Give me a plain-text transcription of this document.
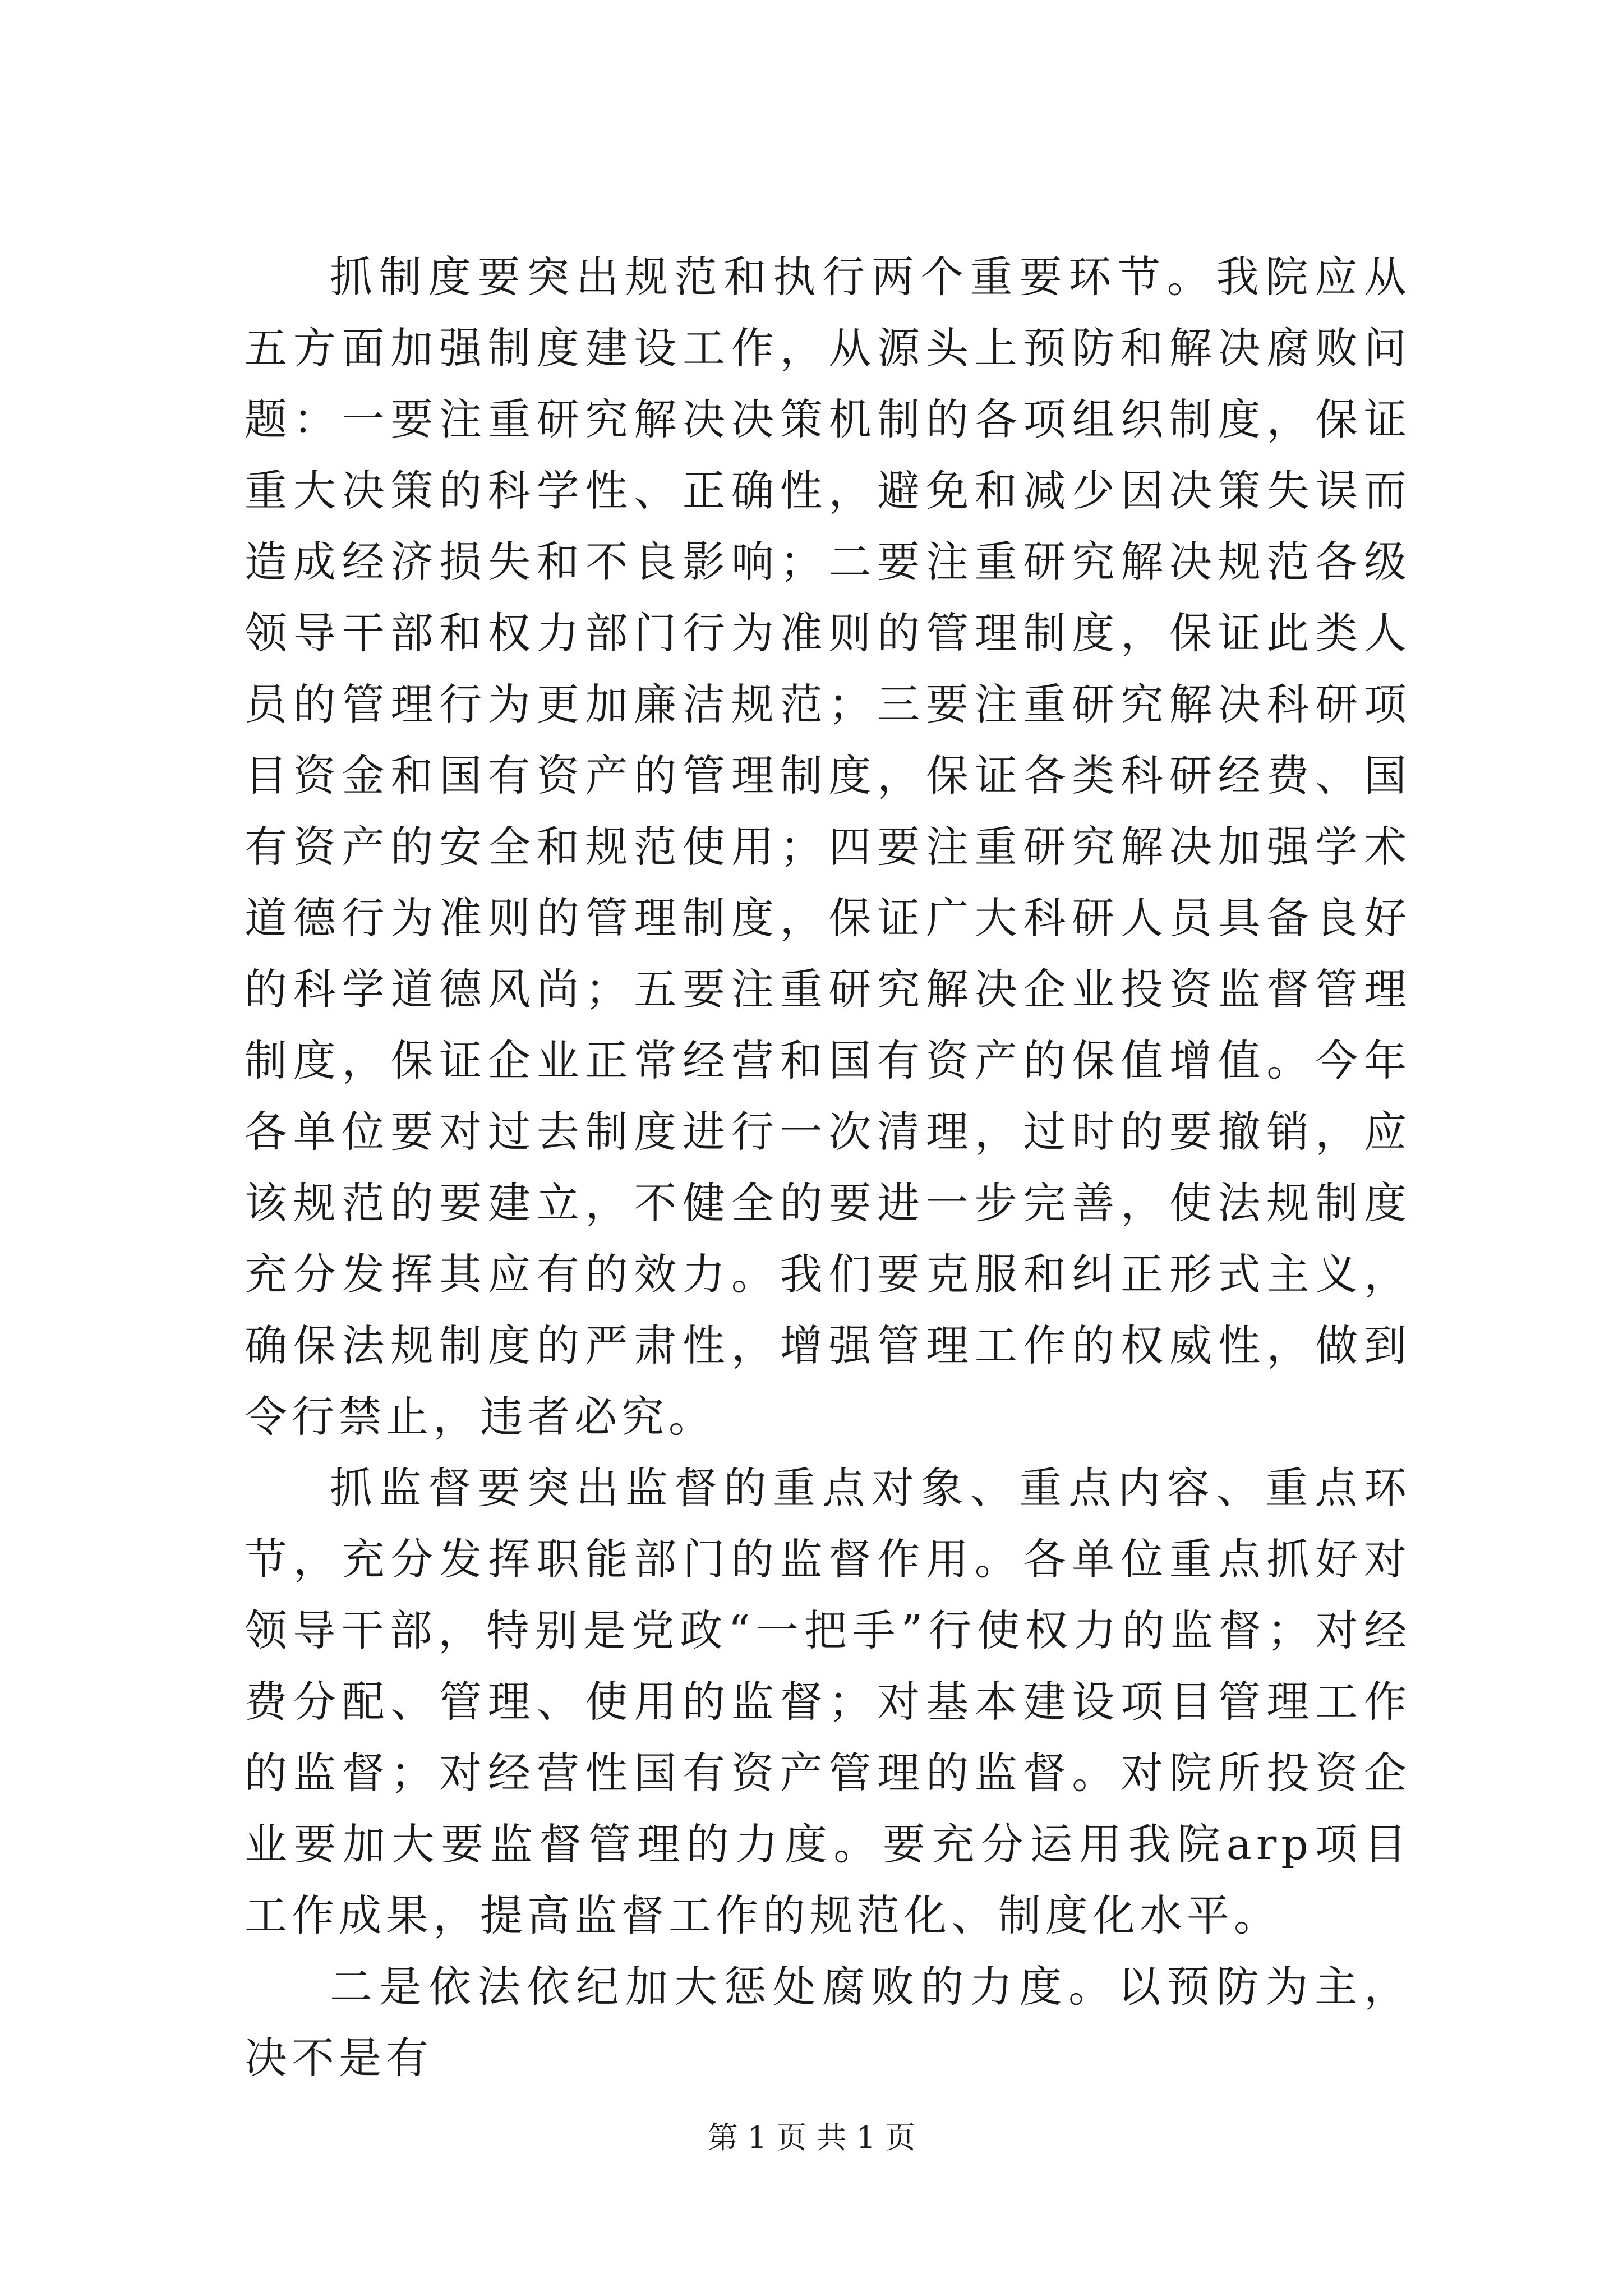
抓制度要突出规范和执行两个重要环节。我院应从五方面加强制度建设工作，从源头上预防和解决腐败问题：一要注重研究解决决策机制的各项组织制度，保证重大决策的科学性、正确性，避免和减少因决策失误而造成经济损失和不良影响；二要注重研究解决规范各级领导干部和权力部门行为准则的管理制度，保证此类人员的管理行为更加廉洁规范；三要注重研究解决科研项目资金和国有资产的管理制度，保证各类科研经费、国有资产的安全和规范使用；四要注重研究解决加强学术道德行为准则的管理制度，保证广大科研人员具备良好的科学道德风尚；五要注重研究解决企业投资监督管理制度，保证企业正常经营和国有资产的保值增值。今年各单位要对过去制度进行一次清理，过时的要撤销，应该规范的要建立，不健全的要进一步完善，使法规制度充分发挥其应有的效力。我们要克服和纠正形式主义，确保法规制度的严肃性，增强管理工作的权威性，做到令行禁止，违者必究。

抓监督要突出监督的重点对象、重点内容、重点环节，充分发挥职能部门的监督作用。各单位重点抓好对领导干部，特别是党政“一把手”行使权力的监督；对经费分配、管理、使用的监督；对基本建设项目管理工作的监督；对经营性国有资产管理的监督。对院所投资企业要加大要监督管理的力度。要充分运用我院arp项目工作成果，提高监督工作的规范化、制度化水平。

二是依法依纪加大惩处腐败的力度。以预防为主，决不是有

第 1 页 共 1 页
